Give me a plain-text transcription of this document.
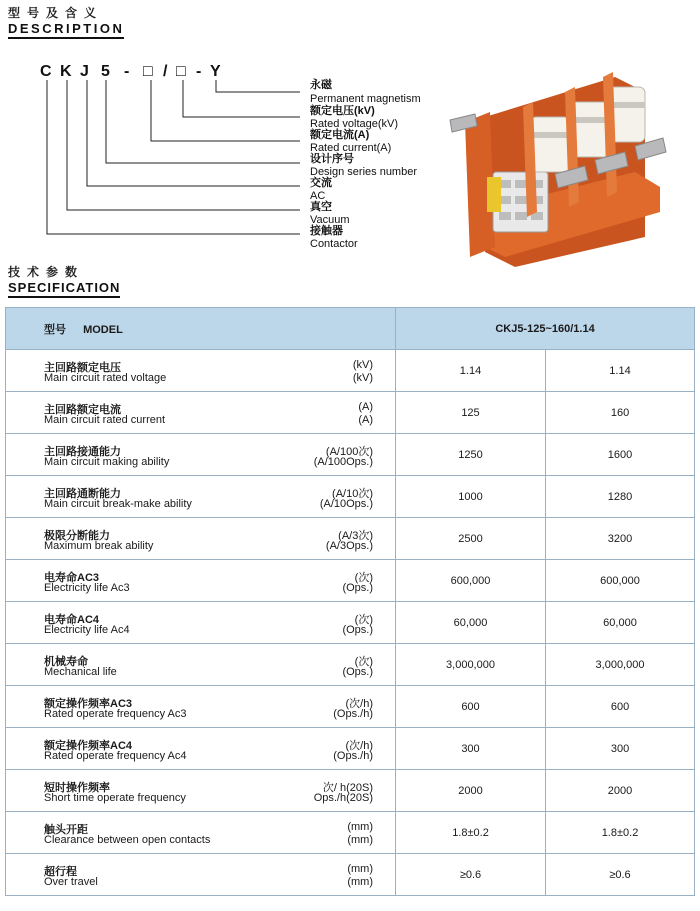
型号及含义
DESCRIPTION
C K J 5 - □ / □ - Y
永磁
Permanent magnetism
额定电压(kV)
Rated voltage(kV)
额定电流(A)
Rated current(A)
设计序号
Design series number
交流
AC
真空
Vacuum
接触器
Contactor
技术参数
SPECIFICATION
型号 MODEL	CKJ5-125~160/1.14	

主回路额定电压
Main circuit rated voltage
(kV)
(kV)	1.14	1.14

主回路额定电流
Main circuit rated current
(A)
(A)	125	160

主回路接通能力
Main circuit making ability
(A/100次)
(A/100Ops.)	1250	1600

主回路通断能力
Main circuit break-make ability
(A/10次)
(A/10Ops.)	1000	1280

极限分断能力
Maximum break ability
(A/3次)
(A/3Ops.)	2500	3200

电寿命AC3
Electricity life Ac3
(次)
(Ops.)	600,000	600,000

电寿命AC4
Electricity life Ac4
(次)
(Ops.)	60,000	60,000

机械寿命
Mechanical life
(次)
(Ops.)	3,000,000	3,000,000

额定操作频率AC3
Rated operate frequency Ac3
(次/h)
(Ops./h)	600	600

额定操作频率AC4
Rated operate frequency Ac4
(次/h)
(Ops./h)	300	300

短时操作频率
Short time operate frequency
次/ h(20S)
Ops./h(20S)	2000	2000

触头开距
Clearance between open contacts
(mm)
(mm)	1.8±0.2	1.8±0.2

超行程
Over travel
(mm)
(mm)	≥0.6	≥0.6
